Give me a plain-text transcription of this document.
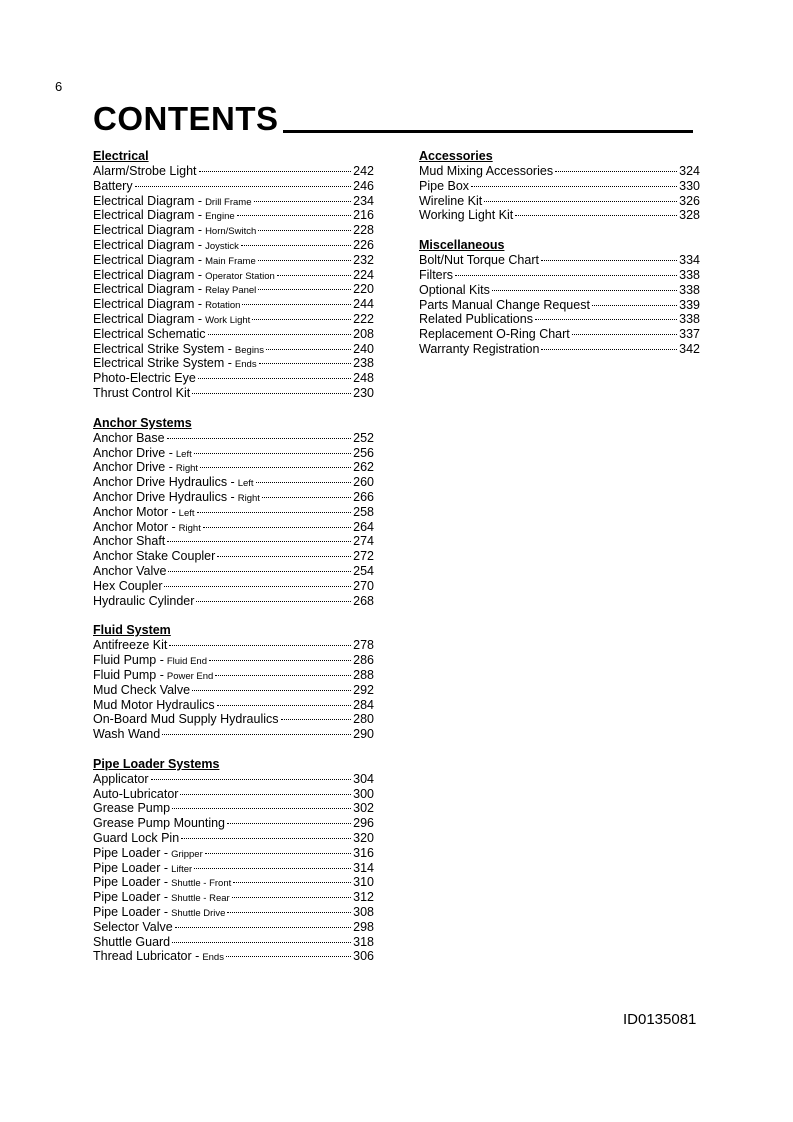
6
CONTENTS
Electrical
Alarm/Strobe Light	242
Battery	246
Electrical Diagram - Drill Frame	234
Electrical Diagram - Engine	216
Electrical Diagram - Horn/Switch	228
Electrical Diagram - Joystick	226
Electrical Diagram - Main Frame	232
Electrical Diagram - Operator Station	224
Electrical Diagram - Relay Panel	220
Electrical Diagram - Rotation	244
Electrical Diagram - Work Light	222
Electrical Schematic	208
Electrical Strike System - Begins	240
Electrical Strike System - Ends	238
Photo-Electric Eye	248
Thrust Control Kit	230
Anchor Systems
Anchor Base	252
Anchor Drive - Left	256
Anchor Drive - Right	262
Anchor Drive Hydraulics - Left	260
Anchor Drive Hydraulics - Right	266
Anchor Motor - Left	258
Anchor Motor - Right	264
Anchor Shaft	274
Anchor Stake Coupler	272
Anchor Valve	254
Hex Coupler	270
Hydraulic Cylinder	268
Fluid System
Antifreeze Kit	278
Fluid Pump - Fluid End	286
Fluid Pump - Power End	288
Mud Check Valve	292
Mud Motor Hydraulics	284
On-Board Mud Supply Hydraulics	280
Wash Wand	290
Pipe Loader Systems
Applicator	304
Auto-Lubricator	300
Grease Pump	302
Grease Pump Mounting	296
Guard Lock Pin	320
Pipe Loader - Gripper	316
Pipe Loader - Lifter	314
Pipe Loader - Shuttle - Front	310
Pipe Loader - Shuttle - Rear	312
Pipe Loader - Shuttle Drive	308
Selector Valve	298
Shuttle Guard	318
Thread Lubricator - Ends	306
Accessories
Mud Mixing Accessories	324
Pipe Box	330
Wireline Kit	326
Working Light Kit	328
Miscellaneous
Bolt/Nut Torque Chart	334
Filters	338
Optional Kits	338
Parts Manual Change Request	339
Related Publications	338
Replacement O-Ring Chart	337
Warranty Registration	342
ID0135081
